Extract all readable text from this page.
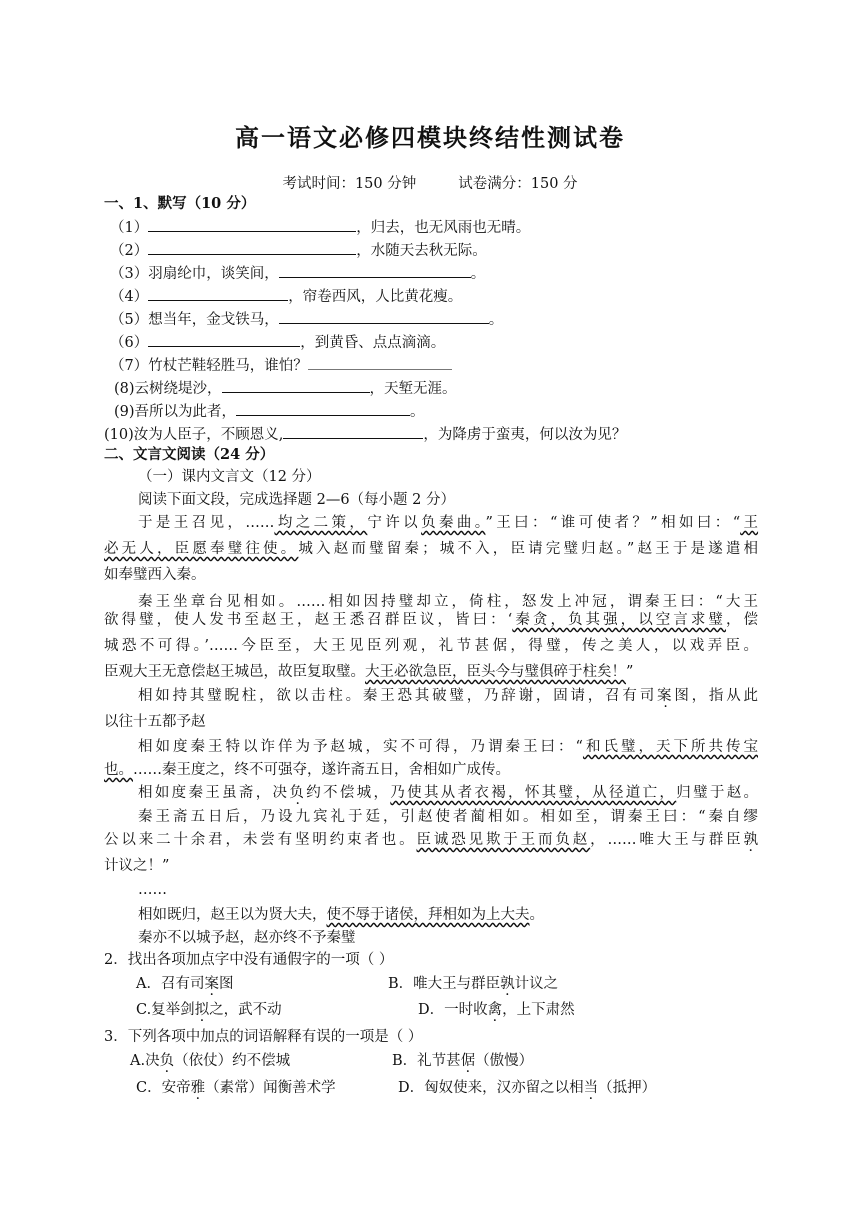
高一语文必修四模块终结性测试卷
考试时间：150 分钟	试卷满分：150 分
一、1、默写（10 分）
（1）	，归去，也无风雨也无晴。
（2）	，水随天去秋无际。
（3）羽扇纶巾，谈笑间，	。
（4）	，帘卷西风，人比黄花瘦。
（5）想当年，金戈铁马，	。
（6）	，到黄昏、点点滴滴。
（7）竹杖芒鞋轻胜马，谁怕？
(8)云树绕堤沙，	，天堑无涯。
(9)吾所以为此者，	。
(10)汝为人臣子，不顾恩义,	，为降虏于蛮夷，何以汝为见？
二、文言文阅读（24 分）
（一）课内文言文（12 分）
阅读下面文段，完成选择题 2—6（每小题 2 分）
于是王召见，……均之二策，宁许以负秦曲。”王曰：“谁可使者？”相如曰：“王
必无人，臣愿奉璧往使。城入赵而璧留秦；城不入，臣请完璧归赵。”赵王于是遂遣相
如奉璧西入秦。
秦王坐章台见相如。……相如因持璧却立，倚柱，怒发上冲冠，谓秦王曰：“大王
欲得璧，使人发书至赵王，赵王悉召群臣议，皆曰：‘秦贪，负其强，以空言求璧，偿
城恐不可得。’……今臣至，大王见臣列观，礼节甚倨，得璧，传之美人，以戏弄臣。
臣观大王无意偿赵王城邑，故臣复取璧。大王必欲急臣，臣头今与璧俱碎于柱矣！”
相如持其璧睨柱，欲以击柱。秦王恐其破璧，乃辞谢，固请，召有司案图，指从此
以往十五都予赵
相如度秦王特以诈佯为予赵城，实不可得，乃谓秦王曰：“和氏璧，天下所共传宝
也。……秦王度之，终不可强夺，遂许斋五日，舍相如广成传。
相如度秦王虽斋，决负约不偿城，乃使其从者衣褐，怀其璧，从径道亡，归璧于赵。
秦王斋五日后，乃设九宾礼于廷，引赵使者蔺相如。相如至，谓秦王曰：“秦自缪
公以来二十余君，未尝有坚明约束者也。臣诚恐见欺于王而负赵，……唯大王与群臣孰
计议之！”
……
相如既归，赵王以为贤大夫，使不辱于诸侯，拜相如为上大夫。
秦亦不以城予赵，赵亦终不予秦璧
2．找出各项加点字中没有通假字的一项（ ）
A．召有司案图	B．唯大王与群臣孰计议之
C.复举剑拟之，武不动	D．一时收禽，上下肃然
3．下列各项中加点的词语解释有误的一项是（ ）
A.决负（依仗）约不偿城	B．礼节甚倨（傲慢）
C．安帝雅（素常）闻衡善术学	D．匈奴使来，汉亦留之以相当（抵押）
